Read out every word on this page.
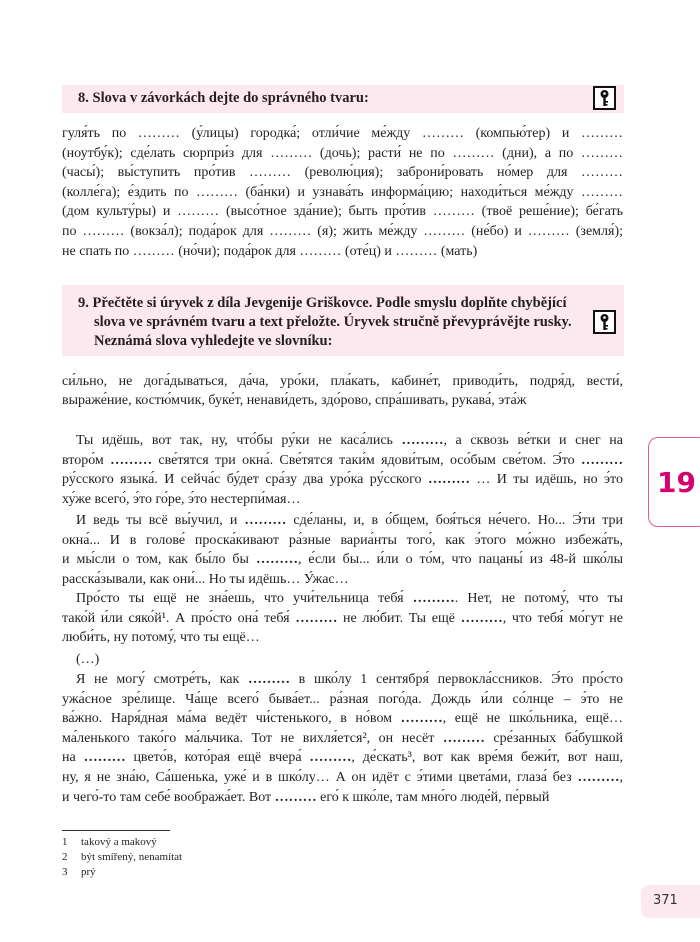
8. Slova v závorkách dejte do správného tvaru:
гуля́ть по ……… (у́лицы) городка́; отли́чие ме́жду ……… (компью́тер) и ………
(ноутбу́к); сде́лать сюрпри́з для ……… (дочь); расти́ не по ……… (дни), а по ………
(часы́); вы́ступить про́тив ……… (револю́ция); заброни́ровать но́мер для ………
(колле́га); е́здить по ……… (ба́нки) и узнава́ть информа́цию; находи́ться ме́жду ………
(дом культу́ры) и ……… (высо́тное зда́ние); быть про́тив ……… (твоё реше́ние); бе́гать
по ……… (вокза́л); пода́рок для ……… (я); жить ме́жду ……… (не́бо) и ……… (земля́);
не спать по ……… (но́чи); пода́рок для ……… (оте́ц) и ……… (мать)
9. Přečtěte si úryvek z díla Jevgenije Griškovce. Podle smyslu doplňte chybějící
slova ve správném tvaru a text přeložte. Úryvek stručně převyprávějte rusky.
Neznámá slova vyhledejte ve slovníku:
си́льно, не дога́дываться, да́ча, уро́ки, пла́кать, кабине́т, приводи́ть, подря́д, вести́,
выраже́ние, костю́мчик, буке́т, ненави́деть, здо́рово, спра́шивать, рукава́, эта́ж
Ты идёшь, вот так, ну, что́бы ру́ки не каса́лись ………, а сквозь ве́тки и снег на
второ́м ……… све́тятся три окна́. Све́тятся таки́м ядови́тым, осо́бым све́том. Э́то ………
ру́сского языка́. И сейча́с бу́дет сра́зу два уро́ка ру́сского ……… … И ты идёшь, но э́то
ху́же всего́, э́то го́ре, э́то нестерпи́мая…
И ведь ты всё вы́учил, и ……… сде́ланы, и, в о́бщем, боя́ться не́чего. Но... Э́ти три
окна́... И в голове́ проска́кивают ра́зные вариа́нты того́, как э́того мо́жно избежа́ть,
и мы́сли о том, как бы́ло бы ………, е́сли бы... и́ли о то́м, что пацаны́ из 48-й шко́лы
расска́зывали, как они́... Но ты идёшь… У́жас…
Про́сто ты ещё не зна́ешь, что учи́тельница тебя́ ………. Нет, не потому́, что ты
тако́й и́ли сяко́й¹. А про́сто она́ тебя́ ……… не лю́бит. Ты ещё ………, что тебя́ мо́гут не
люби́ть, ну потому́, что ты ещё…
(…)
Я не могу́ смотре́ть, как ……… в шко́лу 1 сентября́ первокла́ссников. Э́то про́сто
ужа́сное зре́лище. Ча́ще всего́ быва́ет... ра́зная пого́да. Дождь и́ли со́лнце – э́то не
ва́жно. Наря́дная ма́ма ведёт чи́стенького, в но́вом ………, ещё не шко́льника, ещё…
ма́ленького тако́го ма́льчика. Тот не вихля́ется², он несёт ……… сре́занных ба́бушкой
на ……… цвето́в, кото́рая ещё вчера́ ………, де́скать³, вот как вре́мя бежи́т, вот наш,
ну, я не зна́ю, Са́шенька, уже́ и в шко́лу… А он идёт с э́тими цвета́ми, глаза́ без ………,
и чего́-то там себе́ вообража́ет. Вот ……… его́ к шко́ле, там мно́го люде́й, пе́рвый
1 takový a makový
2 být smířený, nenamítat
3 prý
19
371
